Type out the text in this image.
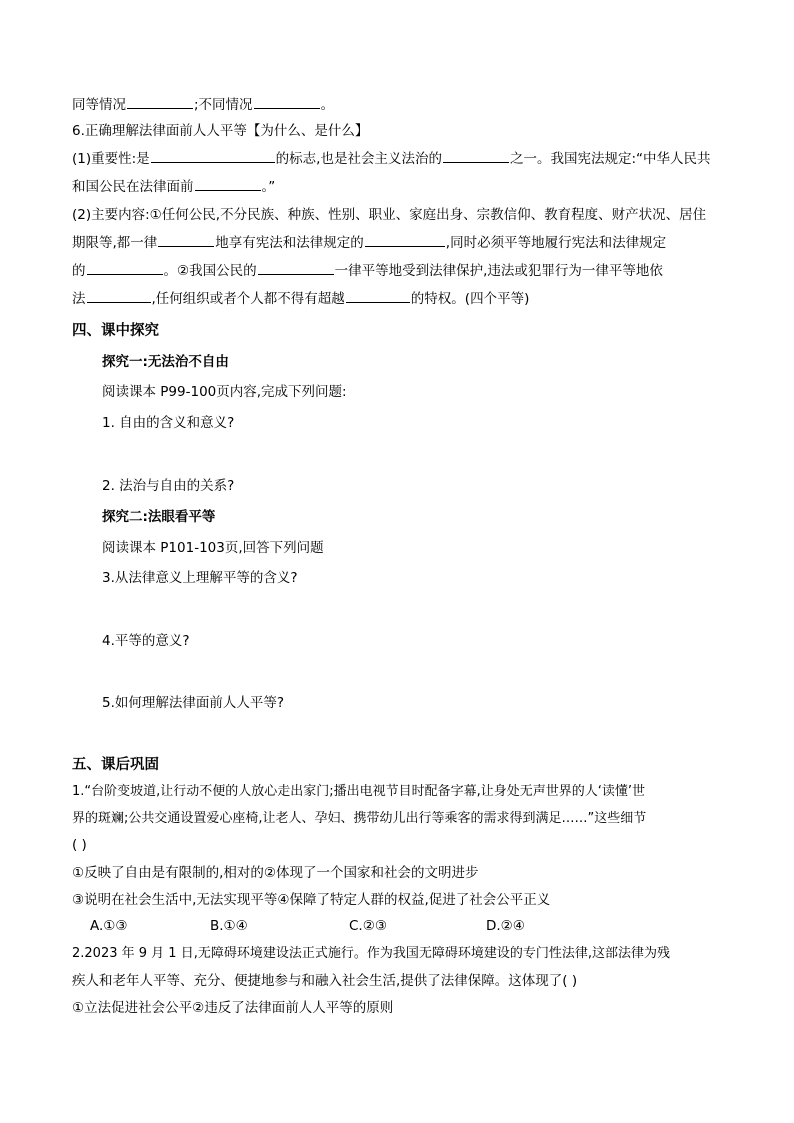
同等情况	;不同情况	。
6.正确理解法律面前人人平等【为什么、是什么】
(1)重要性:是	的标志,也是社会主义法治的	之一。我国宪法规定:“中华人民共
和国公民在法律面前	。”
(2)主要内容:①任何公民,不分民族、种族、性别、职业、家庭出身、宗教信仰、教育程度、财产状况、居住
期限等,都一律	地享有宪法和法律规定的	,同时必须平等地履行宪法和法律规定
的	。②我国公民的	一律平等地受到法律保护,违法或犯罪行为一律平等地依
法	,任何组织或者个人都不得有超越	的特权。(四个平等)
四、课中探究
探究一:无法治不自由
阅读课本 P99-100页内容,完成下列问题:
1. 自由的含义和意义?
2. 法治与自由的关系?
探究二:法眼看平等
阅读课本 P101-103页,回答下列问题
3.从法律意义上理解平等的含义?
4.平等的意义?
5.如何理解法律面前人人平等?
五、课后巩固
1.“台阶变坡道,让行动不便的人放心走出家门;播出电视节目时配备字幕,让身处无声世界的人‘读懂’世
界的斑斓;公共交通设置爱心座椅,让老人、孕妇、携带幼儿出行等乘客的需求得到满足……”这些细节
( )
①反映了自由是有限制的,相对的②体现了一个国家和社会的文明进步
③说明在社会生活中,无法实现平等④保障了特定人群的权益,促进了社会公平正义
A.①③	B.①④	C.②③	D.②④
2.2023 年 9 月 1 日,无障碍环境建设法正式施行。作为我国无障碍环境建设的专门性法律,这部法律为残
疾人和老年人平等、充分、便捷地参与和融入社会生活,提供了法律保障。这体现了( )
①立法促进社会公平②违反了法律面前人人平等的原则
